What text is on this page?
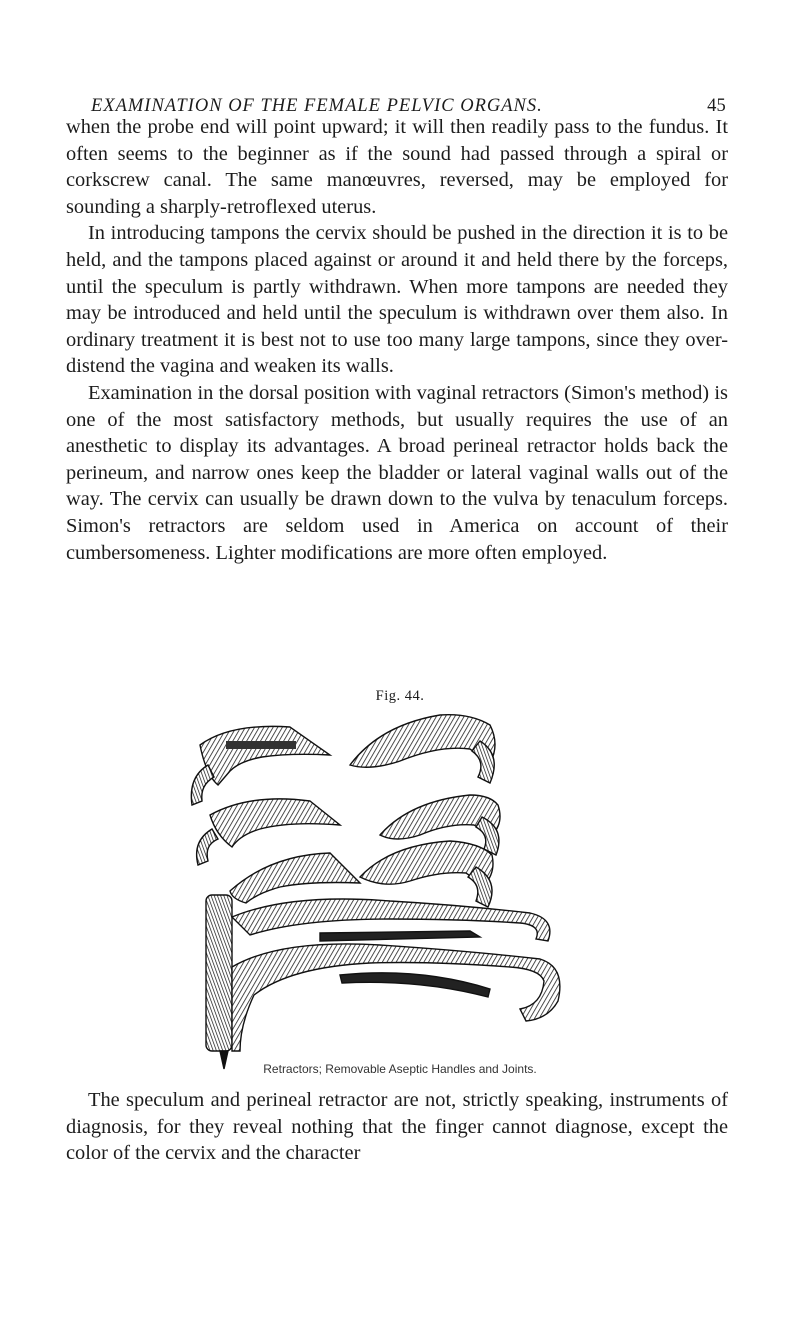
EXAMINATION OF THE FEMALE PELVIC ORGANS.	45

when the probe end will point upward; it will then readily pass to the fundus. It often seems to the beginner as if the sound had passed through a spiral or corkscrew canal. The same manœuvres, reversed, may be employed for sounding a sharply-retroflexed uterus.

In introducing tampons the cervix should be pushed in the direction it is to be held, and the tampons placed against or around it and held there by the forceps, until the speculum is partly withdrawn. When more tampons are needed they may be introduced and held until the speculum is withdrawn over them also. In ordinary treatment it is best not to use too many large tampons, since they over-distend the vagina and weaken its walls.

Examination in the dorsal position with vaginal retractors (Simon's method) is one of the most satisfactory methods, but usually requires the use of an anesthetic to display its advantages. A broad perineal retractor holds back the perineum, and narrow ones keep the bladder or lateral vaginal walls out of the way. The cervix can usually be drawn down to the vulva by tenaculum forceps. Simon's retractors are seldom used in America on account of their cumbersomeness. Lighter modifications are more often employed.

Fig. 44.
Retractors; Removable Aseptic Handles and Joints.

The speculum and perineal retractor are not, strictly speaking, instruments of diagnosis, for they reveal nothing that the finger cannot diagnose, except the color of the cervix and the character
